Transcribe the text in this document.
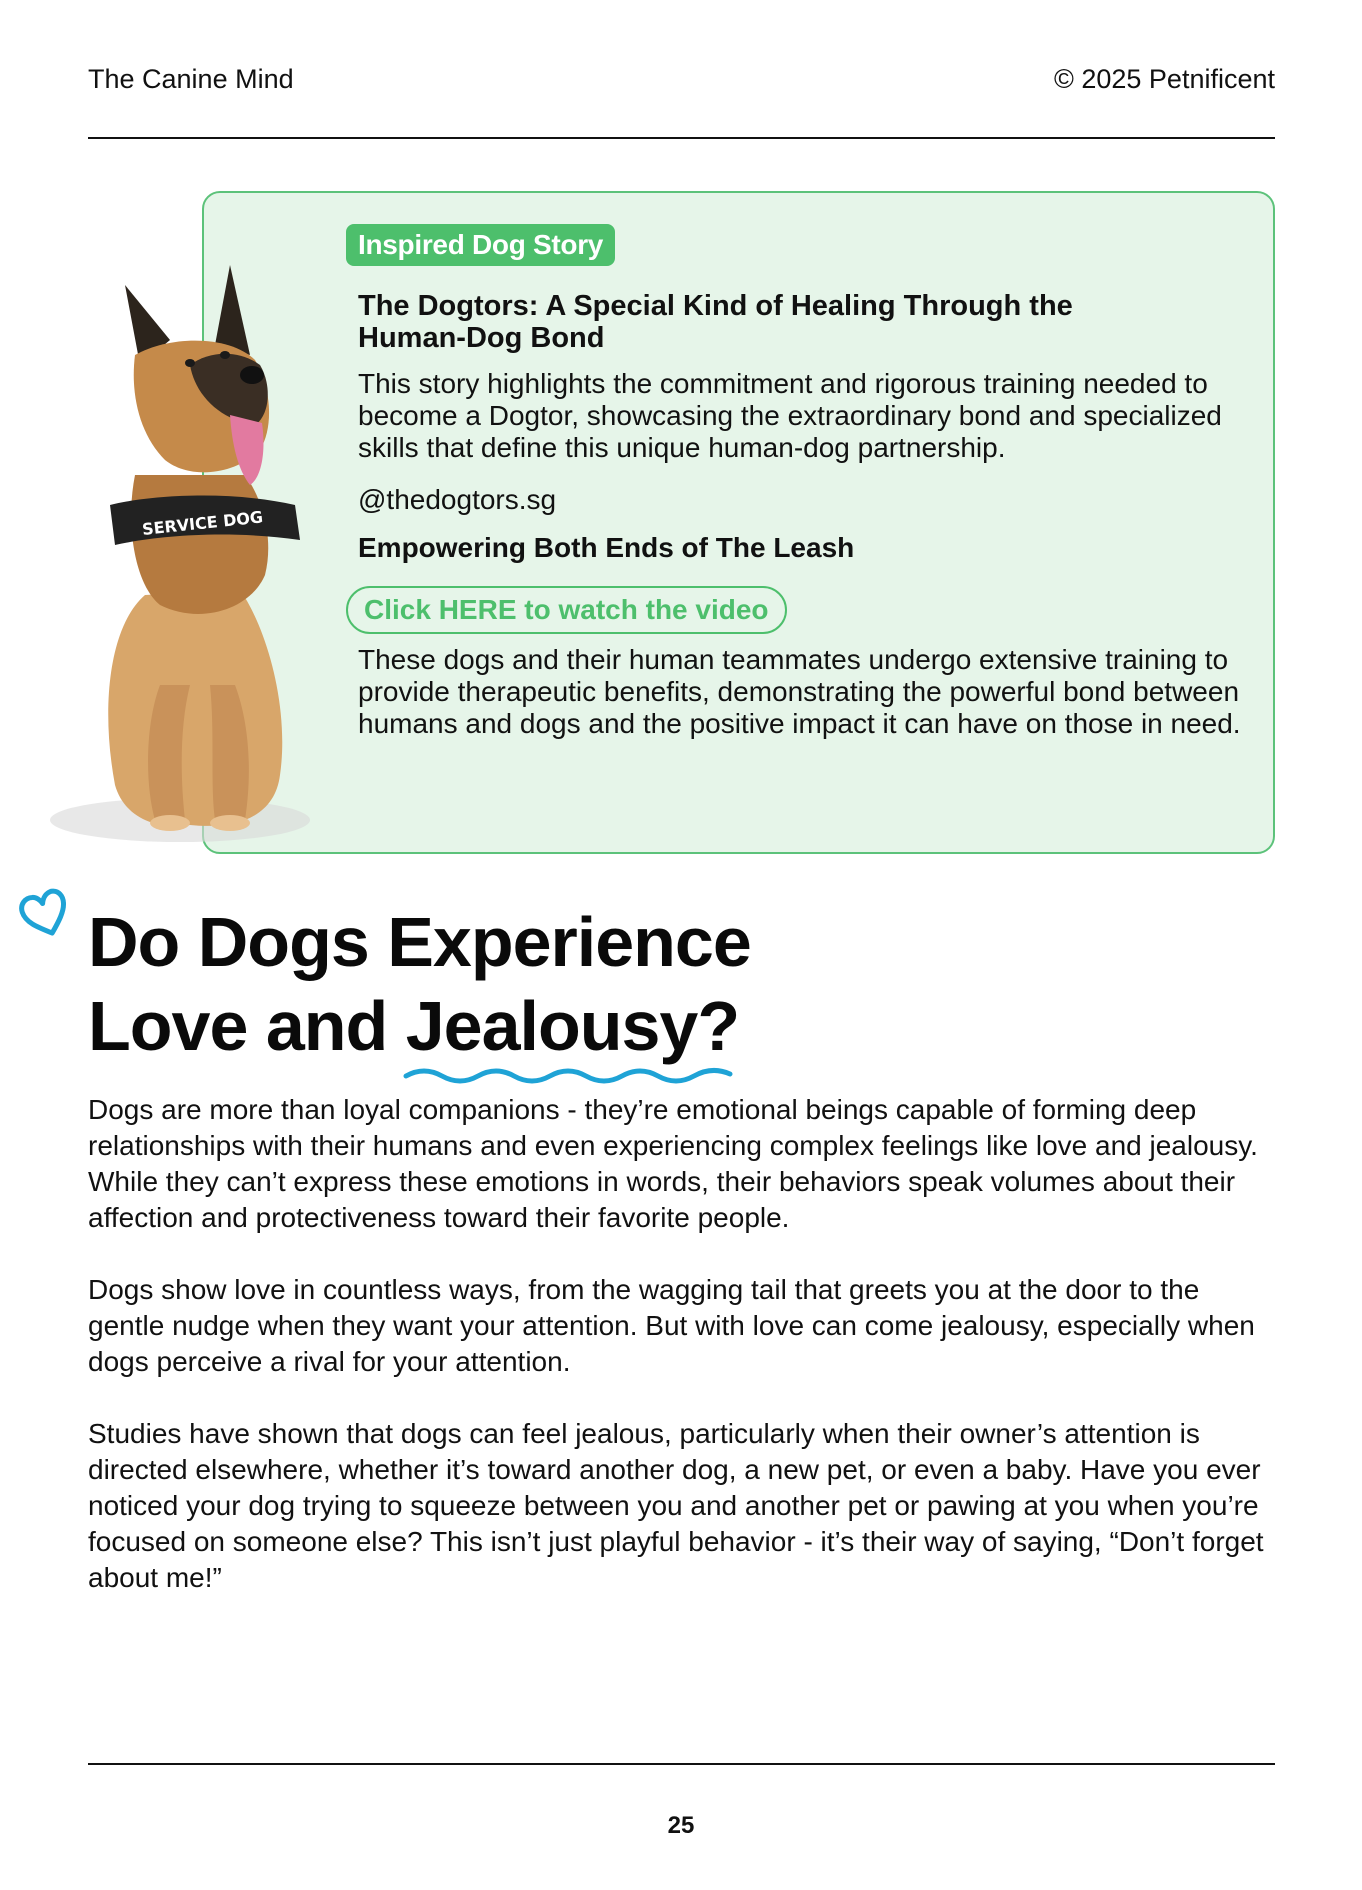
The Canine Mind	© 2025 Petnificent
SERVICE DOG
Inspired Dog Story
The Dogtors: A Special Kind of Healing Through the Human-Dog Bond
This story highlights the commitment and rigorous training needed to become a Dogtor, showcasing the extraordinary bond and specialized skills that define this unique human-dog partnership.
@thedogtors.sg
Empowering Both Ends of The Leash
Click HERE to watch the video
These dogs and their human teammates undergo extensive training to provide therapeutic benefits, demonstrating the powerful bond between humans and dogs and the positive impact it can have on those in need.
Do Dogs Experience
Love and Jealousy
?

Dogs are more than loyal companions - they’re emotional beings capable of forming deep relationships with their humans and even experiencing complex feelings like love and jealousy. While they can’t express these emotions in words, their behaviors speak volumes about their affection and protectiveness toward their favorite people.

Dogs show love in countless ways, from the wagging tail that greets you at the door to the gentle nudge when they want your attention. But with love can come jealousy, especially when dogs perceive a rival for your attention.

Studies have shown that dogs can feel jealous, particularly when their owner’s attention is directed elsewhere, whether it’s toward another dog, a new pet, or even a baby. Have you ever noticed your dog trying to squeeze between you and another pet or pawing at you when you’re focused on someone else? This isn’t just playful behavior - it’s their way of saying, “Don’t forget about me!”

25
